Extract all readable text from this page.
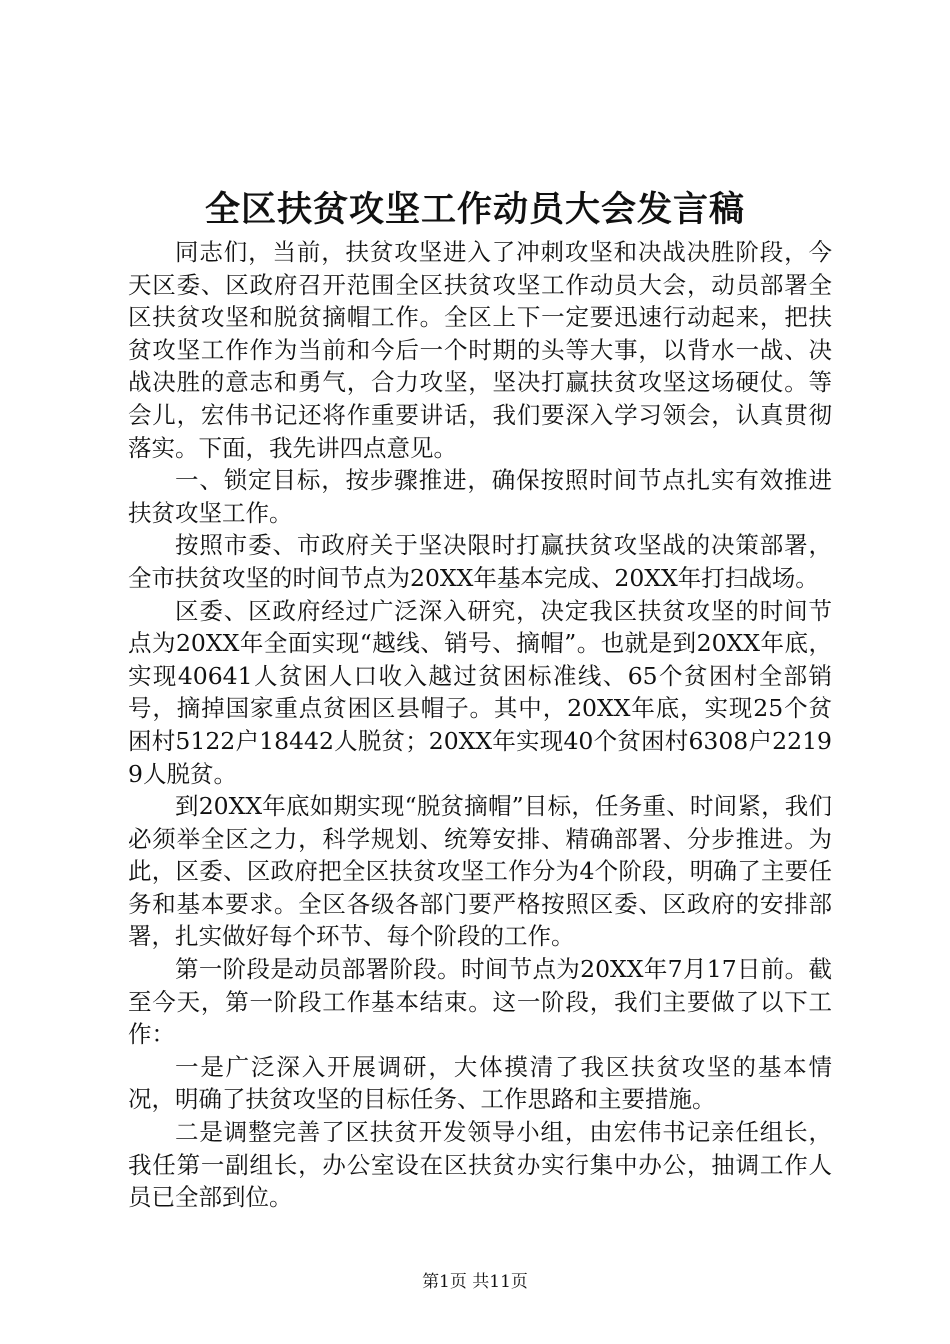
全区扶贫攻坚工作动员大会发言稿

同志们，当前，扶贫攻坚进入了冲刺攻坚和决战决胜阶段，今天区委、区政府召开范围全区扶贫攻坚工作动员大会，动员部署全区扶贫攻坚和脱贫摘帽工作。全区上下一定要迅速行动起来，把扶贫攻坚工作作为当前和今后一个时期的头等大事，以背水一战、决战决胜的意志和勇气，合力攻坚，坚决打赢扶贫攻坚这场硬仗。等会儿，宏伟书记还将作重要讲话，我们要深入学习领会，认真贯彻落实。下面，我先讲四点意见。

一、锁定目标，按步骤推进，确保按照时间节点扎实有效推进扶贫攻坚工作。

按照市委、市政府关于坚决限时打赢扶贫攻坚战的决策部署，全市扶贫攻坚的时间节点为20XX年基本完成、20XX年打扫战场。

区委、区政府经过广泛深入研究，决定我区扶贫攻坚的时间节点为20XX年全面实现“越线、销号、摘帽”。也就是到20XX年底，实现40641人贫困人口收入越过贫困标准线、65个贫困村全部销号，摘掉国家重点贫困区县帽子。其中，20XX年底，实现25个贫困村5122户18442人脱贫；20XX年实现40个贫困村6308户22199人脱贫。

到20XX年底如期实现“脱贫摘帽”目标，任务重、时间紧，我们必须举全区之力，科学规划、统筹安排、精确部署、分步推进。为此，区委、区政府把全区扶贫攻坚工作分为4个阶段，明确了主要任务和基本要求。全区各级各部门要严格按照区委、区政府的安排部署，扎实做好每个环节、每个阶段的工作。

第一阶段是动员部署阶段。时间节点为20XX年7月17日前。截至今天，第一阶段工作基本结束。这一阶段，我们主要做了以下工作：

一是广泛深入开展调研，大体摸清了我区扶贫攻坚的基本情况，明确了扶贫攻坚的目标任务、工作思路和主要措施。

二是调整完善了区扶贫开发领导小组，由宏伟书记亲任组长，我任第一副组长，办公室设在区扶贫办实行集中办公，抽调工作人员已全部到位。

第1页 共11页
